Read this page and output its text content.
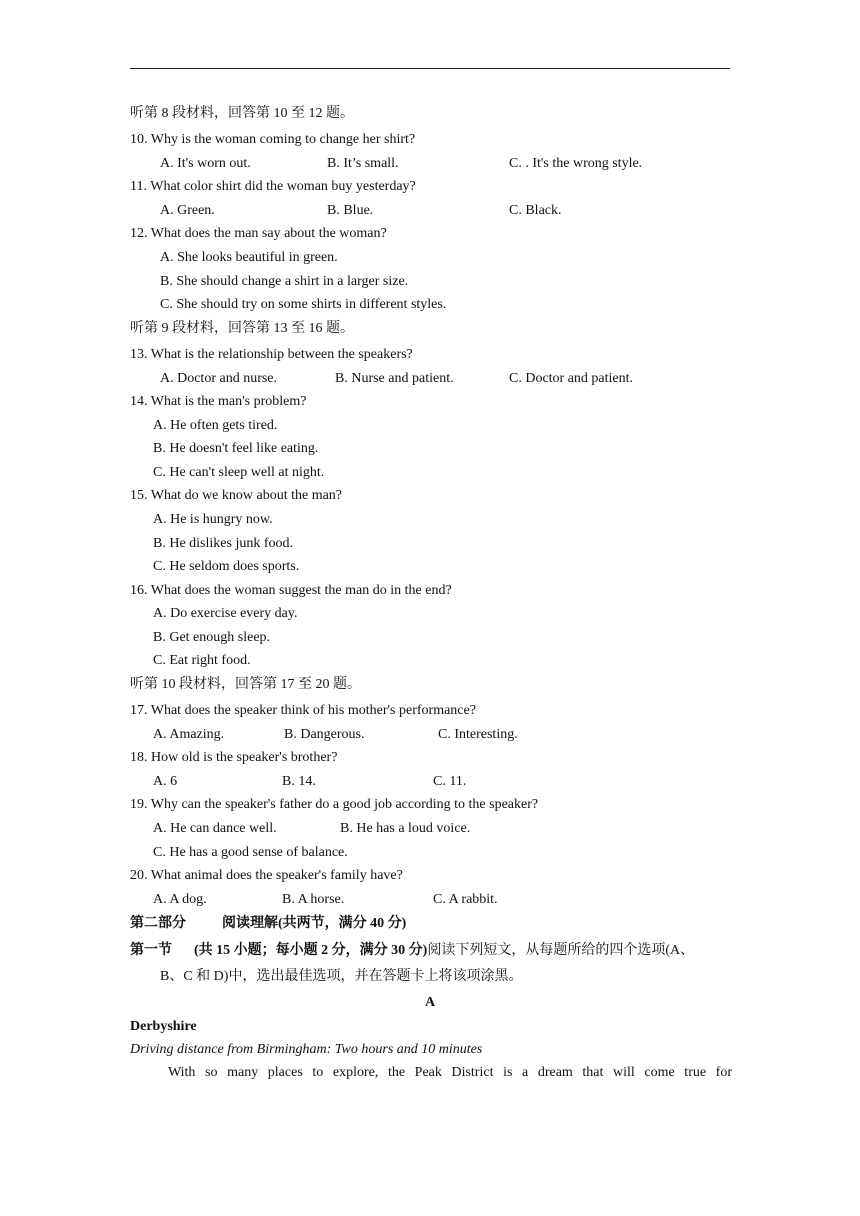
听第 8 段材料，回答第 10 至 12 题。
10. Why is the woman coming to change her shirt?
A. It's worn out.	B. It’s small.	C. . It's the wrong style.
11. What color shirt did the woman buy yesterday?
A. Green.	B. Blue.	C. Black.
12. What does the man say about the woman?
A. She looks beautiful in green.
B. She should change a shirt in a larger size.
C. She should try on some shirts in different styles.
听第 9 段材料，回答第 13 至 16 题。
13. What is the relationship between the speakers?
A. Doctor and nurse.	B. Nurse and patient.	C. Doctor and patient.
14. What is the man's problem?
A. He often gets tired.
B. He doesn't feel like eating.
C. He can't sleep well at night.
15. What do we know about the man?
A. He is hungry now.
B. He dislikes junk food.
C. He seldom does sports.
16. What does the woman suggest the man do in the end?
A. Do exercise every day.
B. Get enough sleep.
C. Eat right food.
听第 10 段材料，回答第 17 至 20 题。
17. What does the speaker think of his mother's performance?
A. Amazing.	B. Dangerous.	C. Interesting.
18. How old is the speaker's brother?
A. 6	B. 14.	C. 11.
19. Why can the speaker's father do a good job according to the speaker?
A. He can dance well.	B. He has a loud voice.
C. He has a good sense of balance.
20. What animal does the speaker's family have?
A. A dog.	B. A horse.	C. A rabbit.
第二部分	阅读理解(共两节，满分 40 分)
第一节 (共 15 小题；每小题 2 分，满分 30 分)阅读下列短文，从每题所给的四个选项(A、
B、C 和 D)中，选出最佳选项，并在答题卡上将该项涂黑。
A
Derbyshire
Driving distance from Birmingham: Two hours and 10 minutes
With so many places to explore, the Peak District is a dream that will come true for
